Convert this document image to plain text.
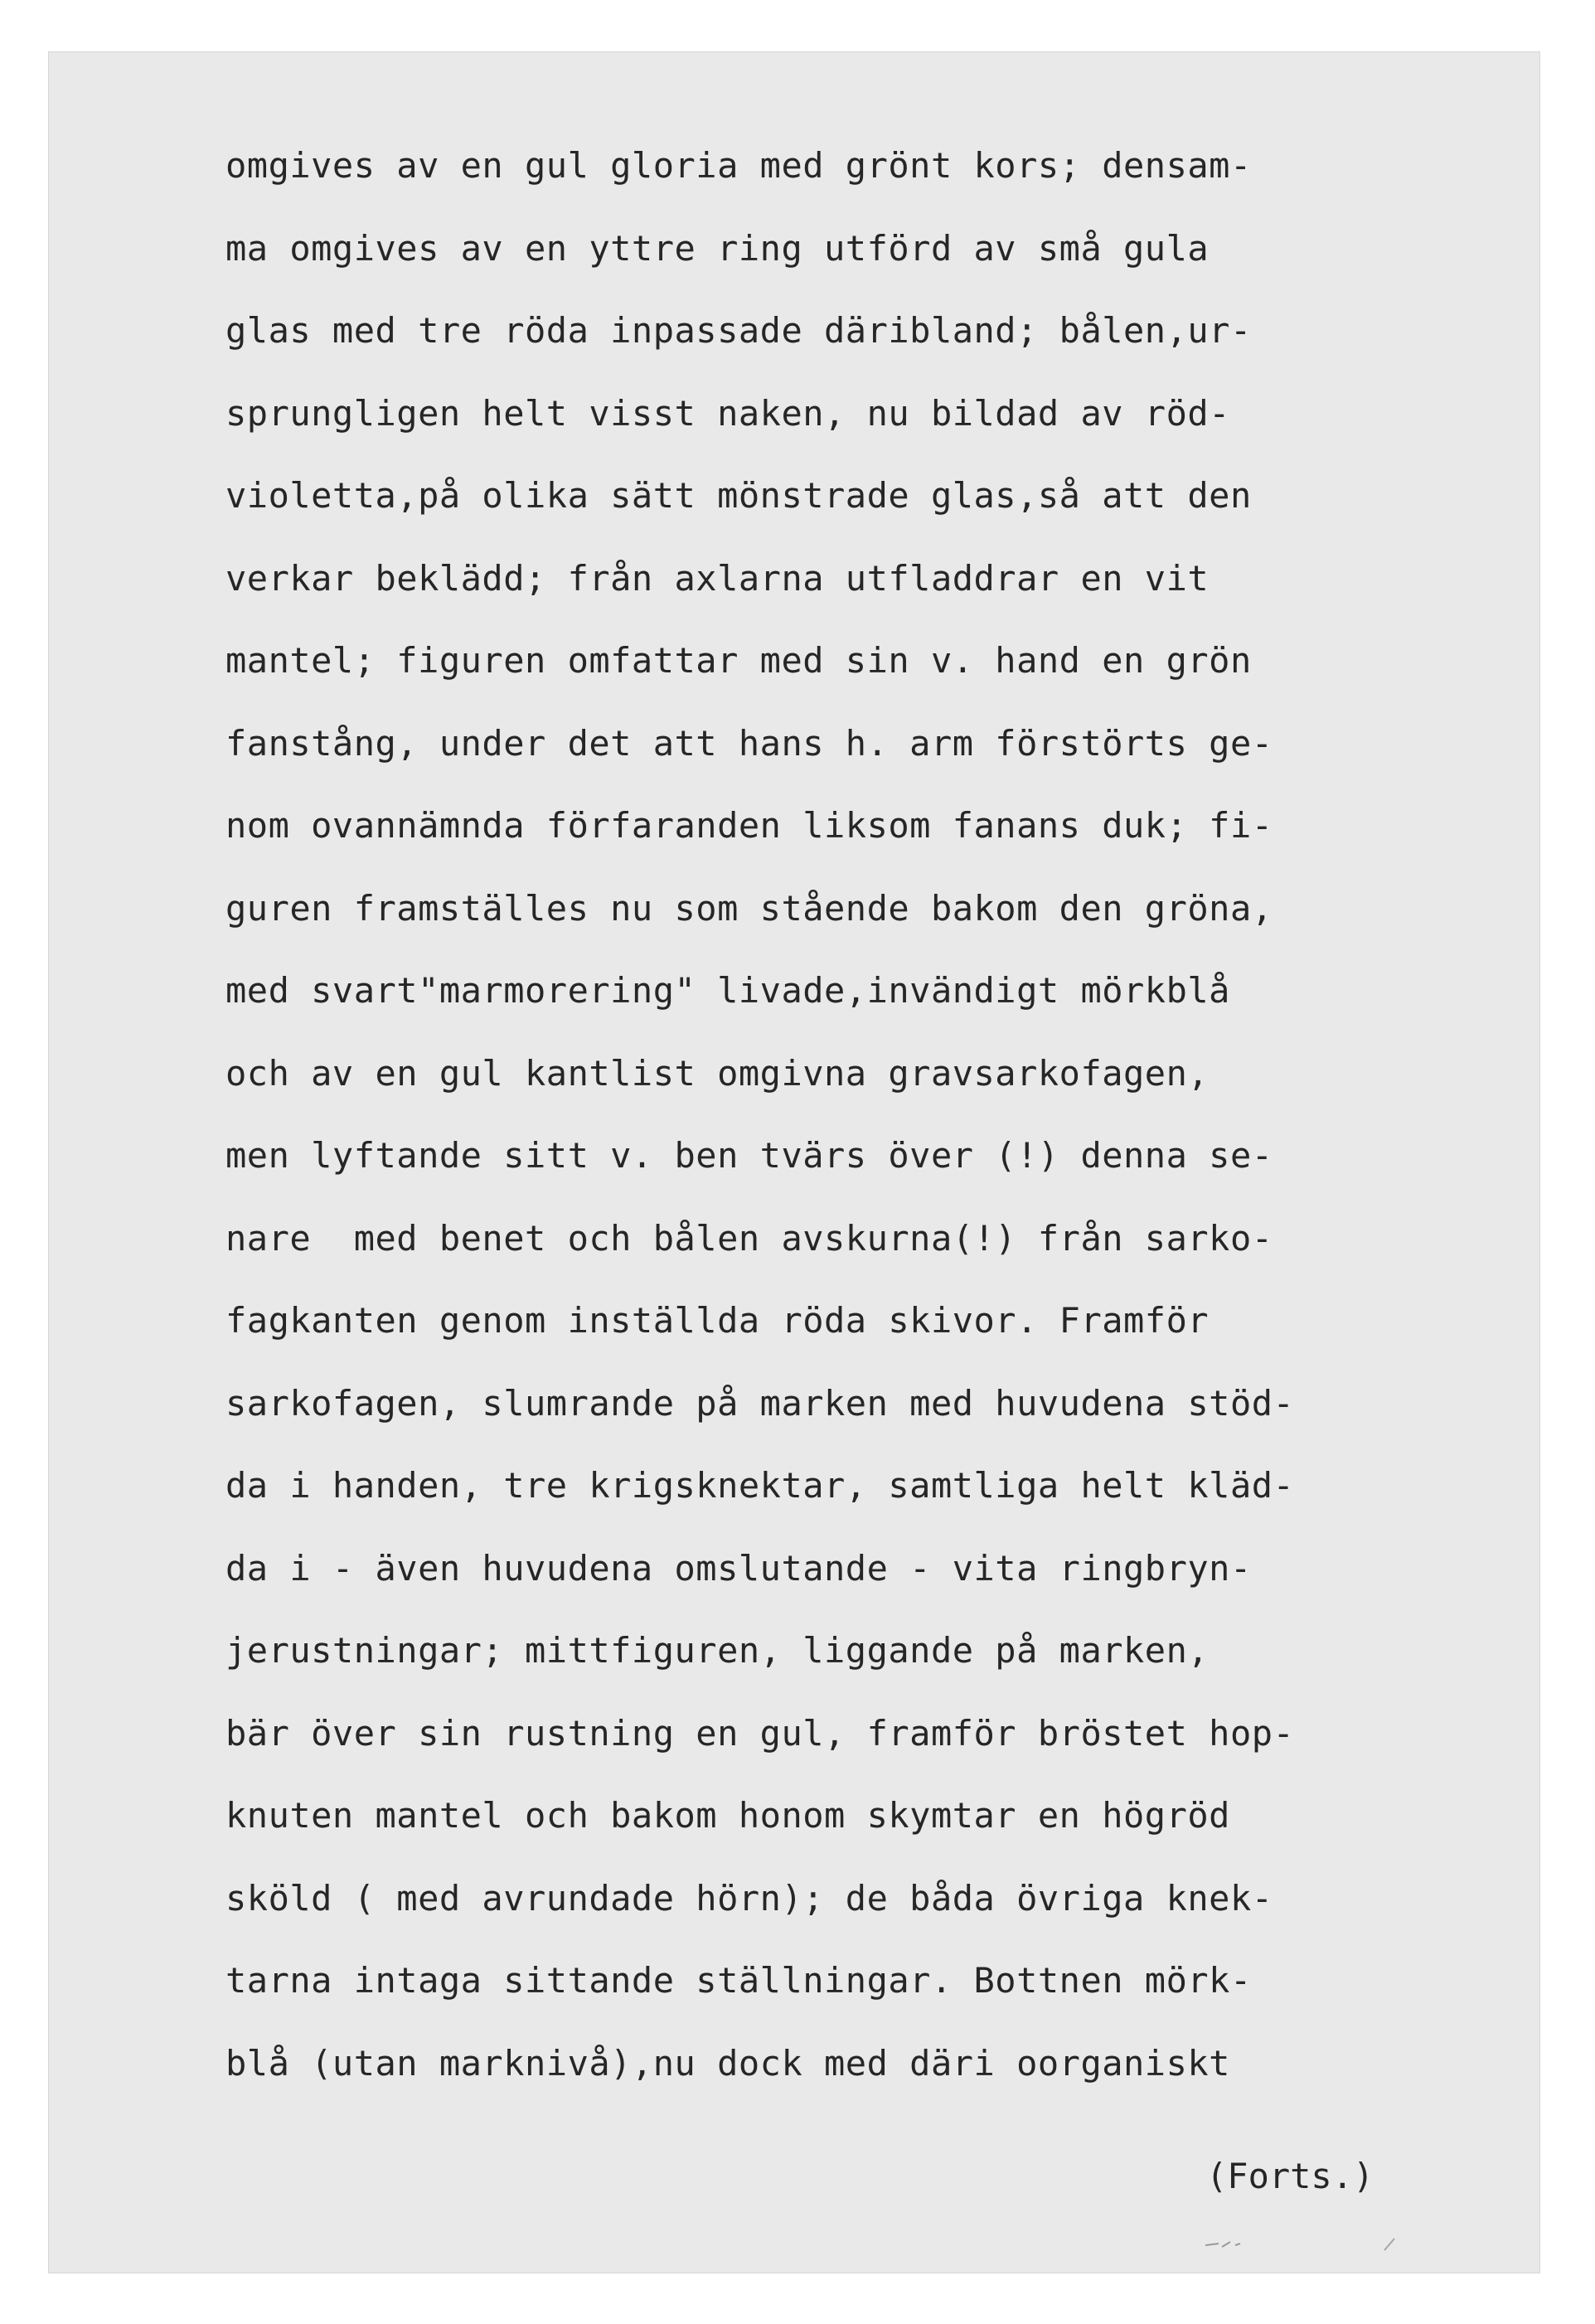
omgives av en gul gloria med grönt kors; densam-
ma omgives av en yttre ring utförd av små gula
glas med tre röda inpassade däribland; bålen,ur-
sprungligen helt visst naken, nu bildad av röd-
violetta,på olika sätt mönstrade glas,så att den
verkar beklädd; från axlarna utfladdrar en vit
mantel; figuren omfattar med sin v. hand en grön
fanstång, under det att hans h. arm förstörts ge-
nom ovannämnda förfaranden liksom fanans duk; fi-
guren framställes nu som stående bakom den gröna,
med svart"marmorering" livade,invändigt mörkblå
och av en gul kantlist omgivna gravsarkofagen,
men lyftande sitt v. ben tvärs över (!) denna se-
nare  med benet och bålen avskurna(!) från sarko-
fagkanten genom inställda röda skivor. Framför
sarkofagen, slumrande på marken med huvudena stöd-
da i handen, tre krigsknektar, samtliga helt kläd-
da i - även huvudena omslutande - vita ringbryn-
jerustningar; mittfiguren, liggande på marken,
bär över sin rustning en gul, framför bröstet hop-
knuten mantel och bakom honom skymtar en högröd
sköld ( med avrundade hörn); de båda övriga knek-
tarna intaga sittande ställningar. Bottnen mörk-
blå (utan marknivå),nu dock med däri oorganiskt

(Forts.)
